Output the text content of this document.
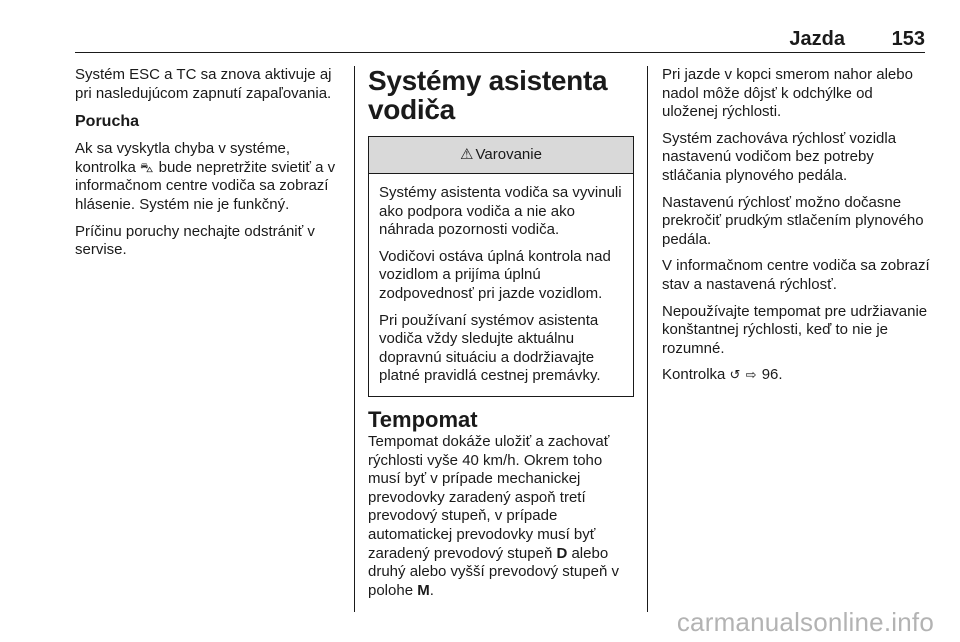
Jazda 153

Systém ESC a TC sa znova aktivuje aj pri nasledujúcom zapnutí zapaľovania.

Porucha

Ak sa vyskytla chyba v systéme, kontrolka ⛍ bude nepretržite svietiť a v informačnom centre vodiča sa zobrazí hlásenie. Systém nie je funkčný.

Príčinu poruchy nechajte odstrániť v servise.

Systémy asistenta vodiča
⚠ Varovanie

Systémy asistenta vodiča sa vyvinuli ako podpora vodiča a nie ako náhrada pozornosti vodiča.

Vodičovi ostáva úplná kontrola nad vozidlom a prijíma úplnú zodpovednosť pri jazde vozidlom.

Pri používaní systémov asistenta vodiča vždy sledujte aktuálnu dopravnú situáciu a dodržiavajte platné pravidlá cestnej premávky.

Tempomat

Tempomat dokáže uložiť a zachovať rýchlosti vyše 40 km/h. Okrem toho musí byť v prípade mechanickej prevodovky zaradený aspoň tretí prevodový stupeň, v prípade automatickej prevodovky musí byť zaradený prevodový stupeň D alebo druhý alebo vyšší prevodový stupeň v polohe M.

Pri jazde v kopci smerom nahor alebo nadol môže dôjsť k odchýlke od uloženej rýchlosti.

Systém zachováva rýchlosť vozidla nastavenú vodičom bez potreby stláčania plynového pedála.

Nastavenú rýchlosť možno dočasne prekročiť prudkým stlačením plynového pedála.

V informačnom centre vodiča sa zobrazí stav a nastavená rýchlosť.

Nepoužívajte tempomat pre udržiavanie konštantnej rýchlosti, keď to nie je rozumné.

Kontrolka ↺ ⇨ 96.

carmanualsonline.info
